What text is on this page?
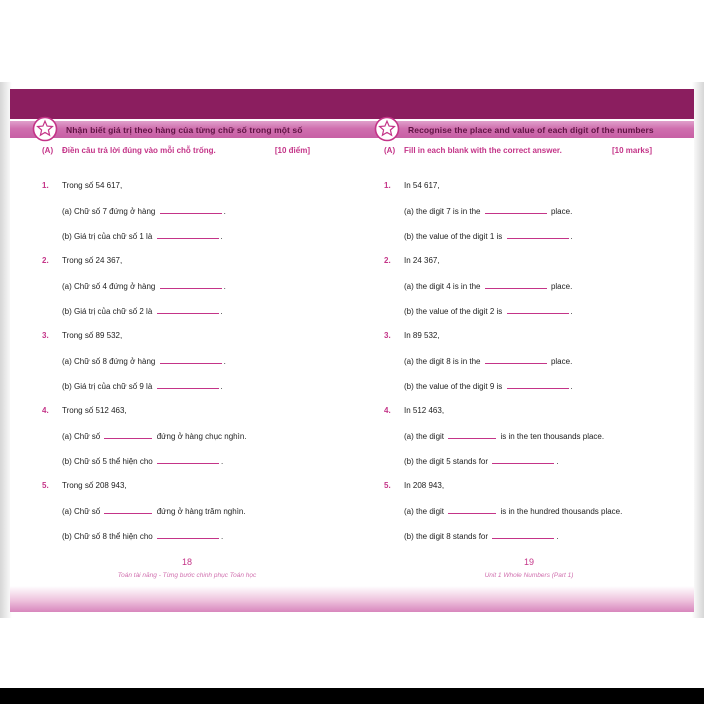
Nhận biết giá trị theo hàng của từng chữ số trong một số	Recognise the place and value of each digit of the numbers
(A)	Điền câu trả lời đúng vào mỗi chỗ trống.	[10 điểm]
1. Trong số 54 617,
(a) Chữ số 7 đứng ở hàng	.
(b) Giá trị của chữ số 1 là	.
2. Trong số 24 367,
(a) Chữ số 4 đứng ở hàng	.
(b) Giá trị của chữ số 2 là	.
3. Trong số 89 532,
(a) Chữ số 8 đứng ở hàng	.
(b) Giá trị của chữ số 9 là	.
4. Trong số 512 463,
(a) Chữ số	đứng ở hàng chục nghìn.
(b) Chữ số 5 thể hiện cho	.
5. Trong số 208 943,
(a) Chữ số	đứng ở hàng trăm nghìn.
(b) Chữ số 8 thể hiện cho	.
18
Toán tài năng - Từng bước chinh phục Toán học
(A)	Fill in each blank with the correct answer.	[10 marks]
1. In 54 617,
(a) the digit 7 is in the	place.
(b) the value of the digit 1 is	.
2. In 24 367,
(a) the digit 4 is in the	place.
(b) the value of the digit 2 is	.
3. In 89 532,
(a) the digit 8 is in the	place.
(b) the value of the digit 9 is	.
4. In 512 463,
(a) the digit	is in the ten thousands place.
(b) the digit 5 stands for	.
5. In 208 943,
(a) the digit	is in the hundred thousands place.
(b) the digit 8 stands for	.
19
Unit 1 Whole Numbers (Part 1)
